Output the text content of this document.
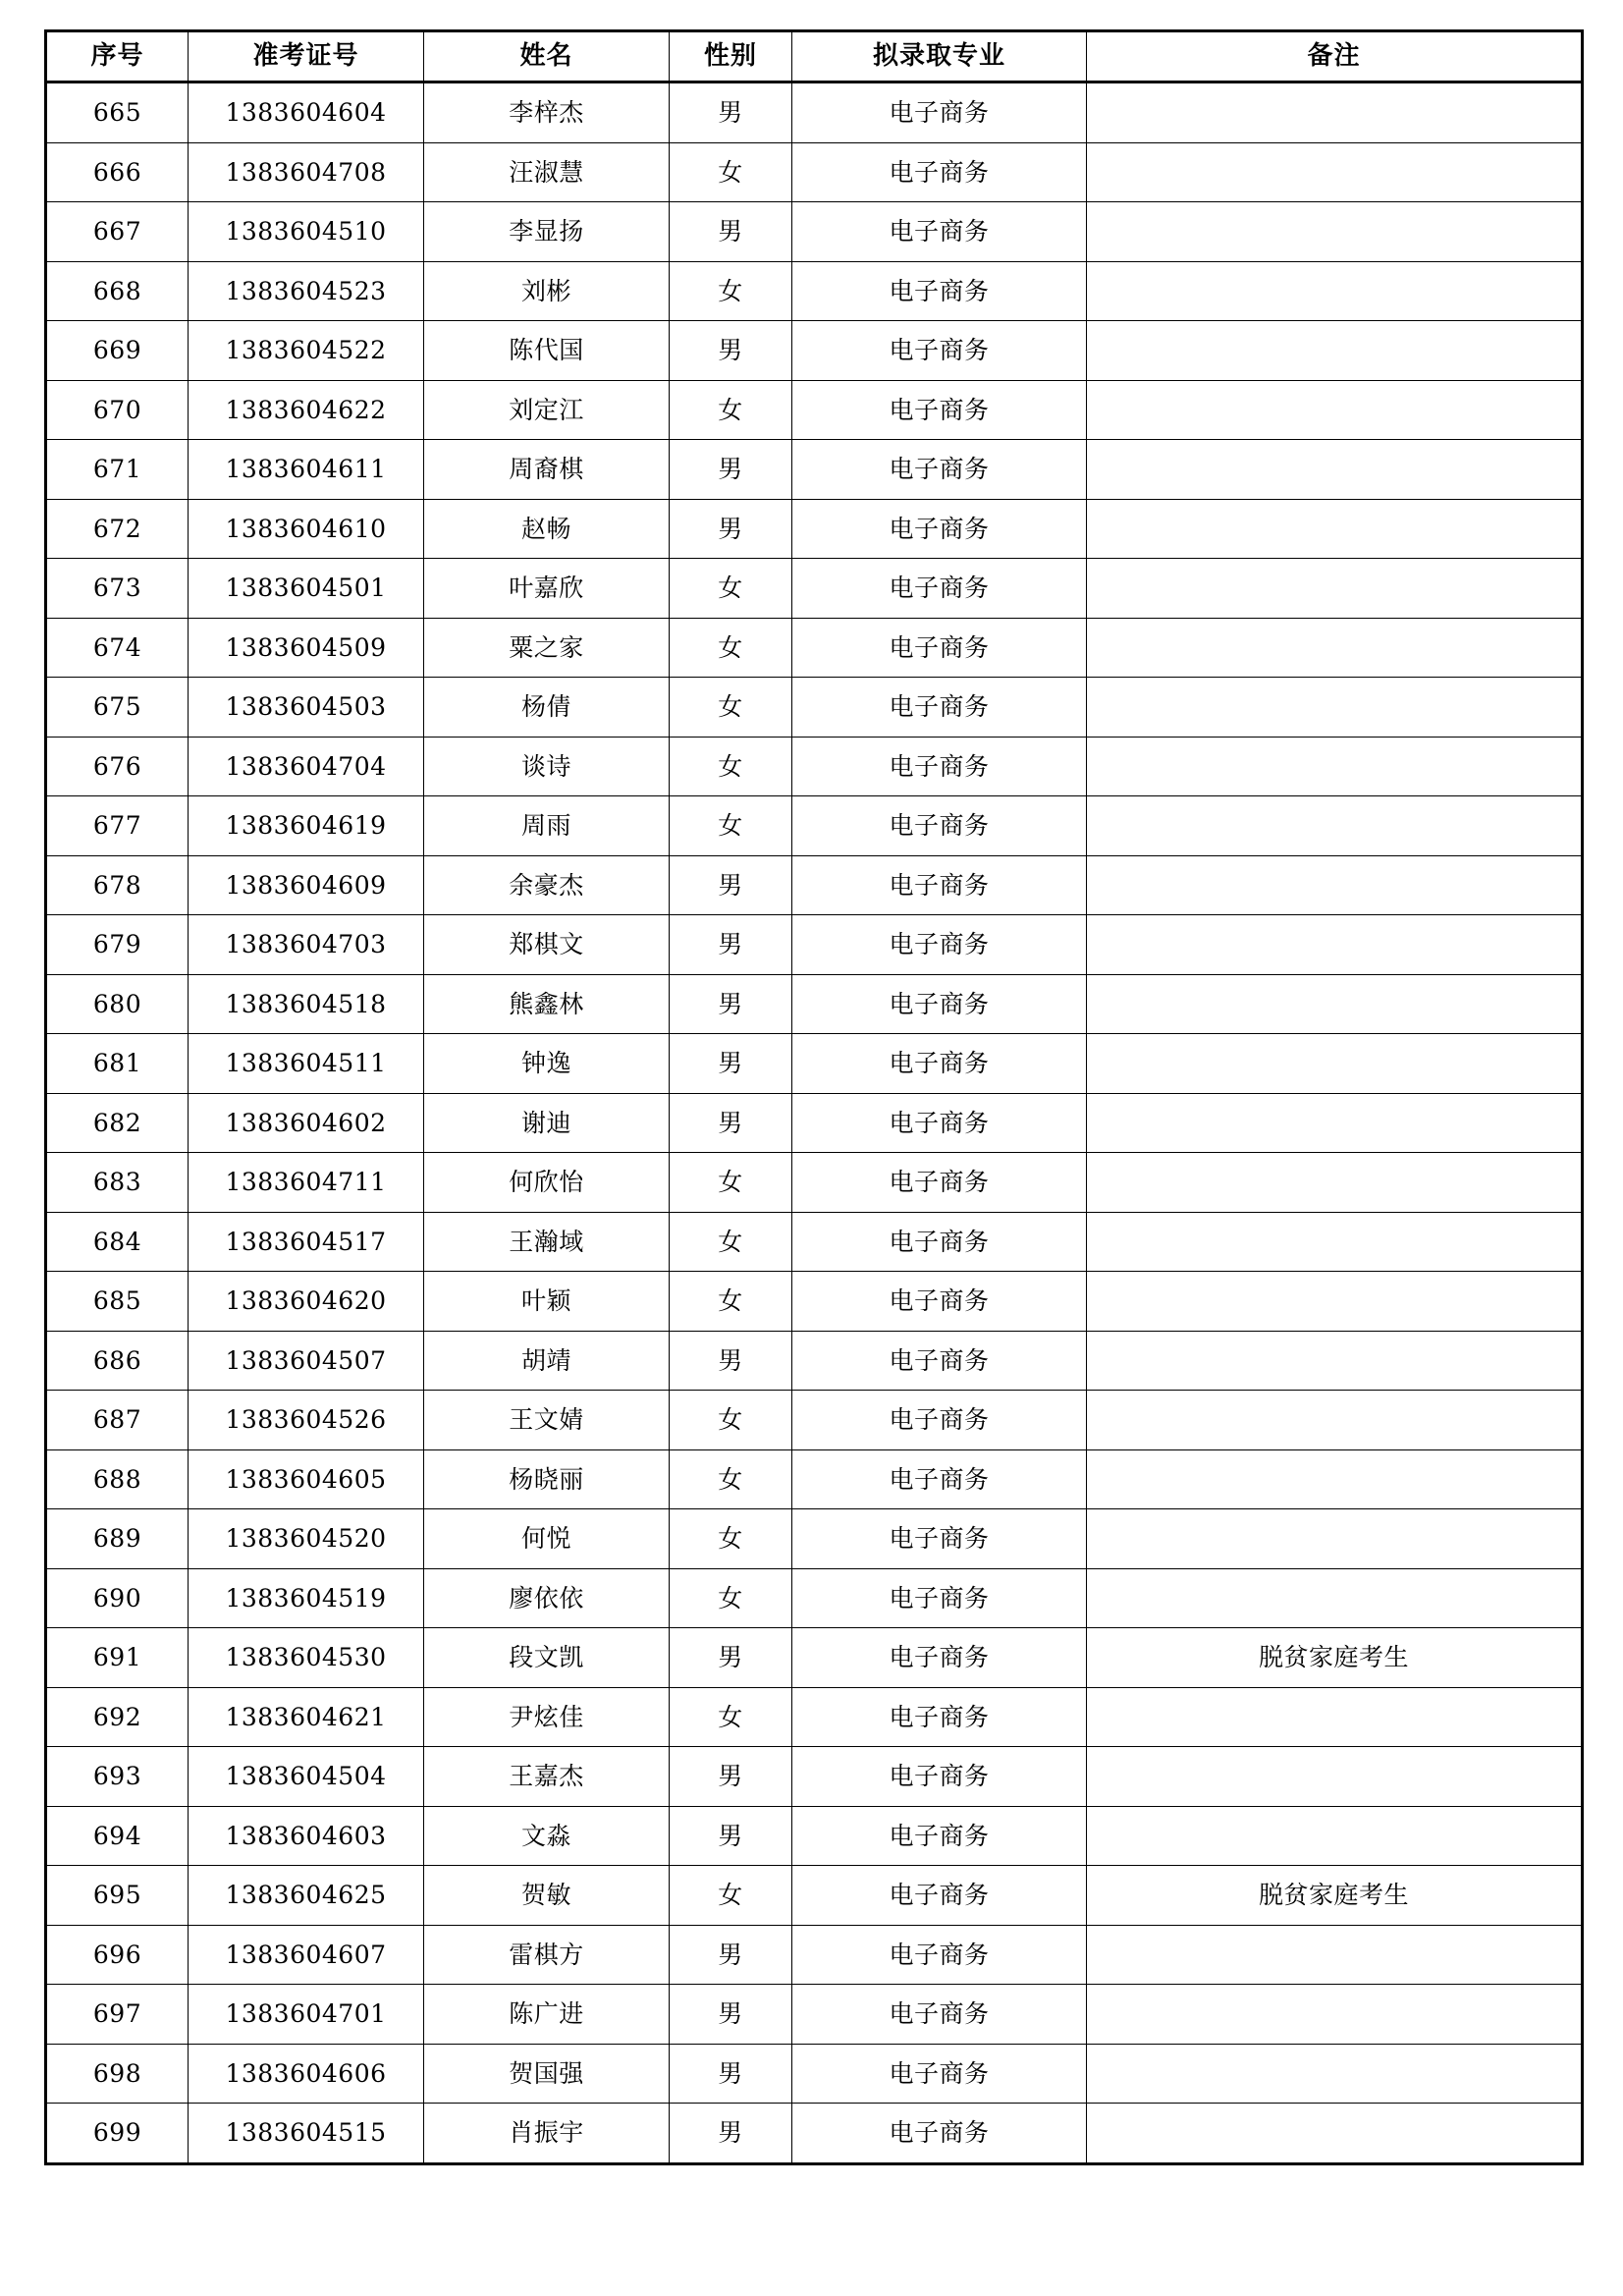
序号	准考证号	姓名	性别	拟录取专业	备注
665	1383604604	李梓杰	男	电子商务	
666	1383604708	汪淑慧	女	电子商务	
667	1383604510	李显扬	男	电子商务	
668	1383604523	刘彬	女	电子商务	
669	1383604522	陈代国	男	电子商务	
670	1383604622	刘定江	女	电子商务	
671	1383604611	周裔棋	男	电子商务	
672	1383604610	赵畅	男	电子商务	
673	1383604501	叶嘉欣	女	电子商务	
674	1383604509	粟之家	女	电子商务	
675	1383604503	杨倩	女	电子商务	
676	1383604704	谈诗	女	电子商务	
677	1383604619	周雨	女	电子商务	
678	1383604609	余豪杰	男	电子商务	
679	1383604703	郑棋文	男	电子商务	
680	1383604518	熊鑫林	男	电子商务	
681	1383604511	钟逸	男	电子商务	
682	1383604602	谢迪	男	电子商务	
683	1383604711	何欣怡	女	电子商务	
684	1383604517	王瀚域	女	电子商务	
685	1383604620	叶颖	女	电子商务	
686	1383604507	胡靖	男	电子商务	
687	1383604526	王文婧	女	电子商务	
688	1383604605	杨晓丽	女	电子商务	
689	1383604520	何悦	女	电子商务	
690	1383604519	廖依依	女	电子商务	
691	1383604530	段文凯	男	电子商务	脱贫家庭考生
692	1383604621	尹炫佳	女	电子商务	
693	1383604504	王嘉杰	男	电子商务	
694	1383604603	文淼	男	电子商务	
695	1383604625	贺敏	女	电子商务	脱贫家庭考生
696	1383604607	雷棋方	男	电子商务	
697	1383604701	陈广进	男	电子商务	
698	1383604606	贺国强	男	电子商务	
699	1383604515	肖振宇	男	电子商务	
